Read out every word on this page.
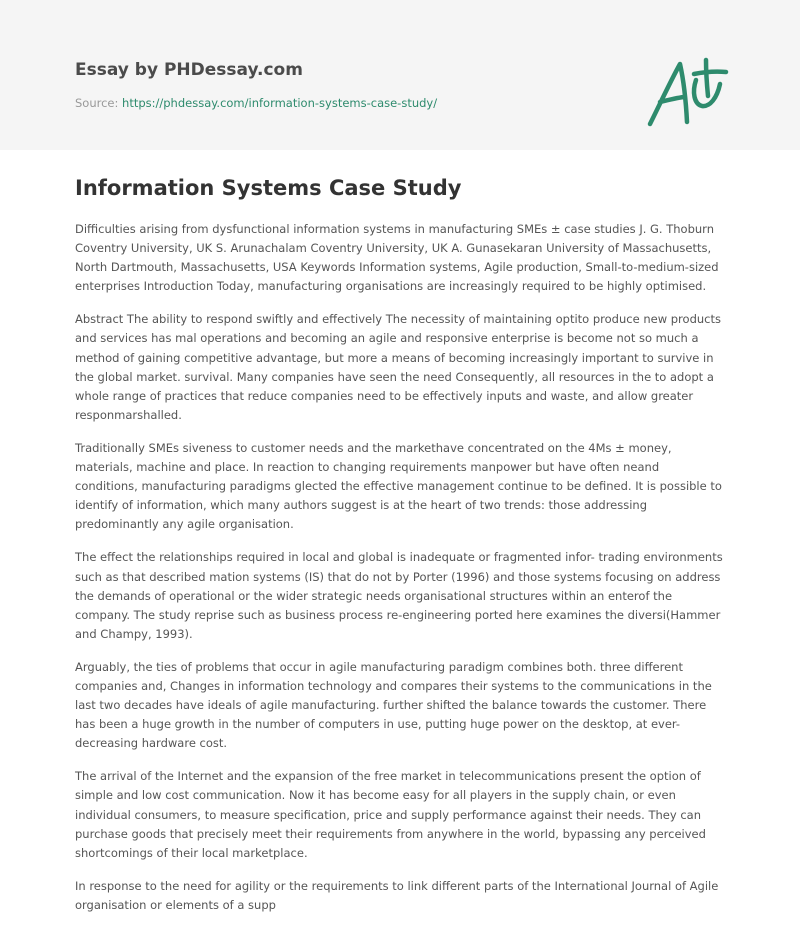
Essay by PHDessay.com
Source: https://phdessay.com/information-systems-case-study/
Information Systems Case Study

Difficulties arising from dysfunctional information systems in manufacturing SMEs ± case studies J. G. Thoburn Coventry University, UK S. Arunachalam Coventry University, UK A. Gunasekaran University of Massachusetts, North Dartmouth, Massachusetts, USA Keywords Information systems, Agile production, Small-to-medium-sized enterprises Introduction Today, manufacturing organisations are increasingly required to be highly optimised.

Abstract The ability to respond swiftly and effectively The necessity of maintaining optito produce new products and services has mal operations and becoming an agile and responsive enterprise is become not so much a method of gaining competitive advantage, but more a means of becoming increasingly important to survive in the global market. survival. Many companies have seen the need Consequently, all resources in the to adopt a whole range of practices that reduce companies need to be effectively inputs and waste, and allow greater responmarshalled.

Traditionally SMEs siveness to customer needs and the markethave concentrated on the 4Ms ± money, materials, machine and place. In reaction to changing requirements manpower but have often neand conditions, manufacturing paradigms glected the effective management continue to be defined. It is possible to identify of information, which many authors suggest is at the heart of two trends: those addressing predominantly any agile organisation.

The effect the relationships required in local and global is inadequate or fragmented infor- trading environments such as that described mation systems (IS) that do not by Porter (1996) and those systems focusing on address the demands of operational or the wider strategic needs organisational structures within an enterof the company. The study reprise such as business process re-engineering ported here examines the diversi(Hammer and Champy, 1993).

Arguably, the ties of problems that occur in agile manufacturing paradigm combines both. three different companies and, Changes in information technology and compares their systems to the communications in the last two decades have ideals of agile manufacturing. further shifted the balance towards the customer. There has been a huge growth in the number of computers in use, putting huge power on the desktop, at ever-decreasing hardware cost.

The arrival of the Internet and the expansion of the free market in telecommunications present the option of simple and low cost communication. Now it has become easy for all players in the supply chain, or even individual consumers, to measure specification, price and supply performance against their needs. They can purchase goods that precisely meet their requirements from anywhere in the world, bypassing any perceived shortcomings of their local marketplace.

In response to the need for agility or the requirements to link different parts of the International Journal of Agile organisation or elements of a supp
